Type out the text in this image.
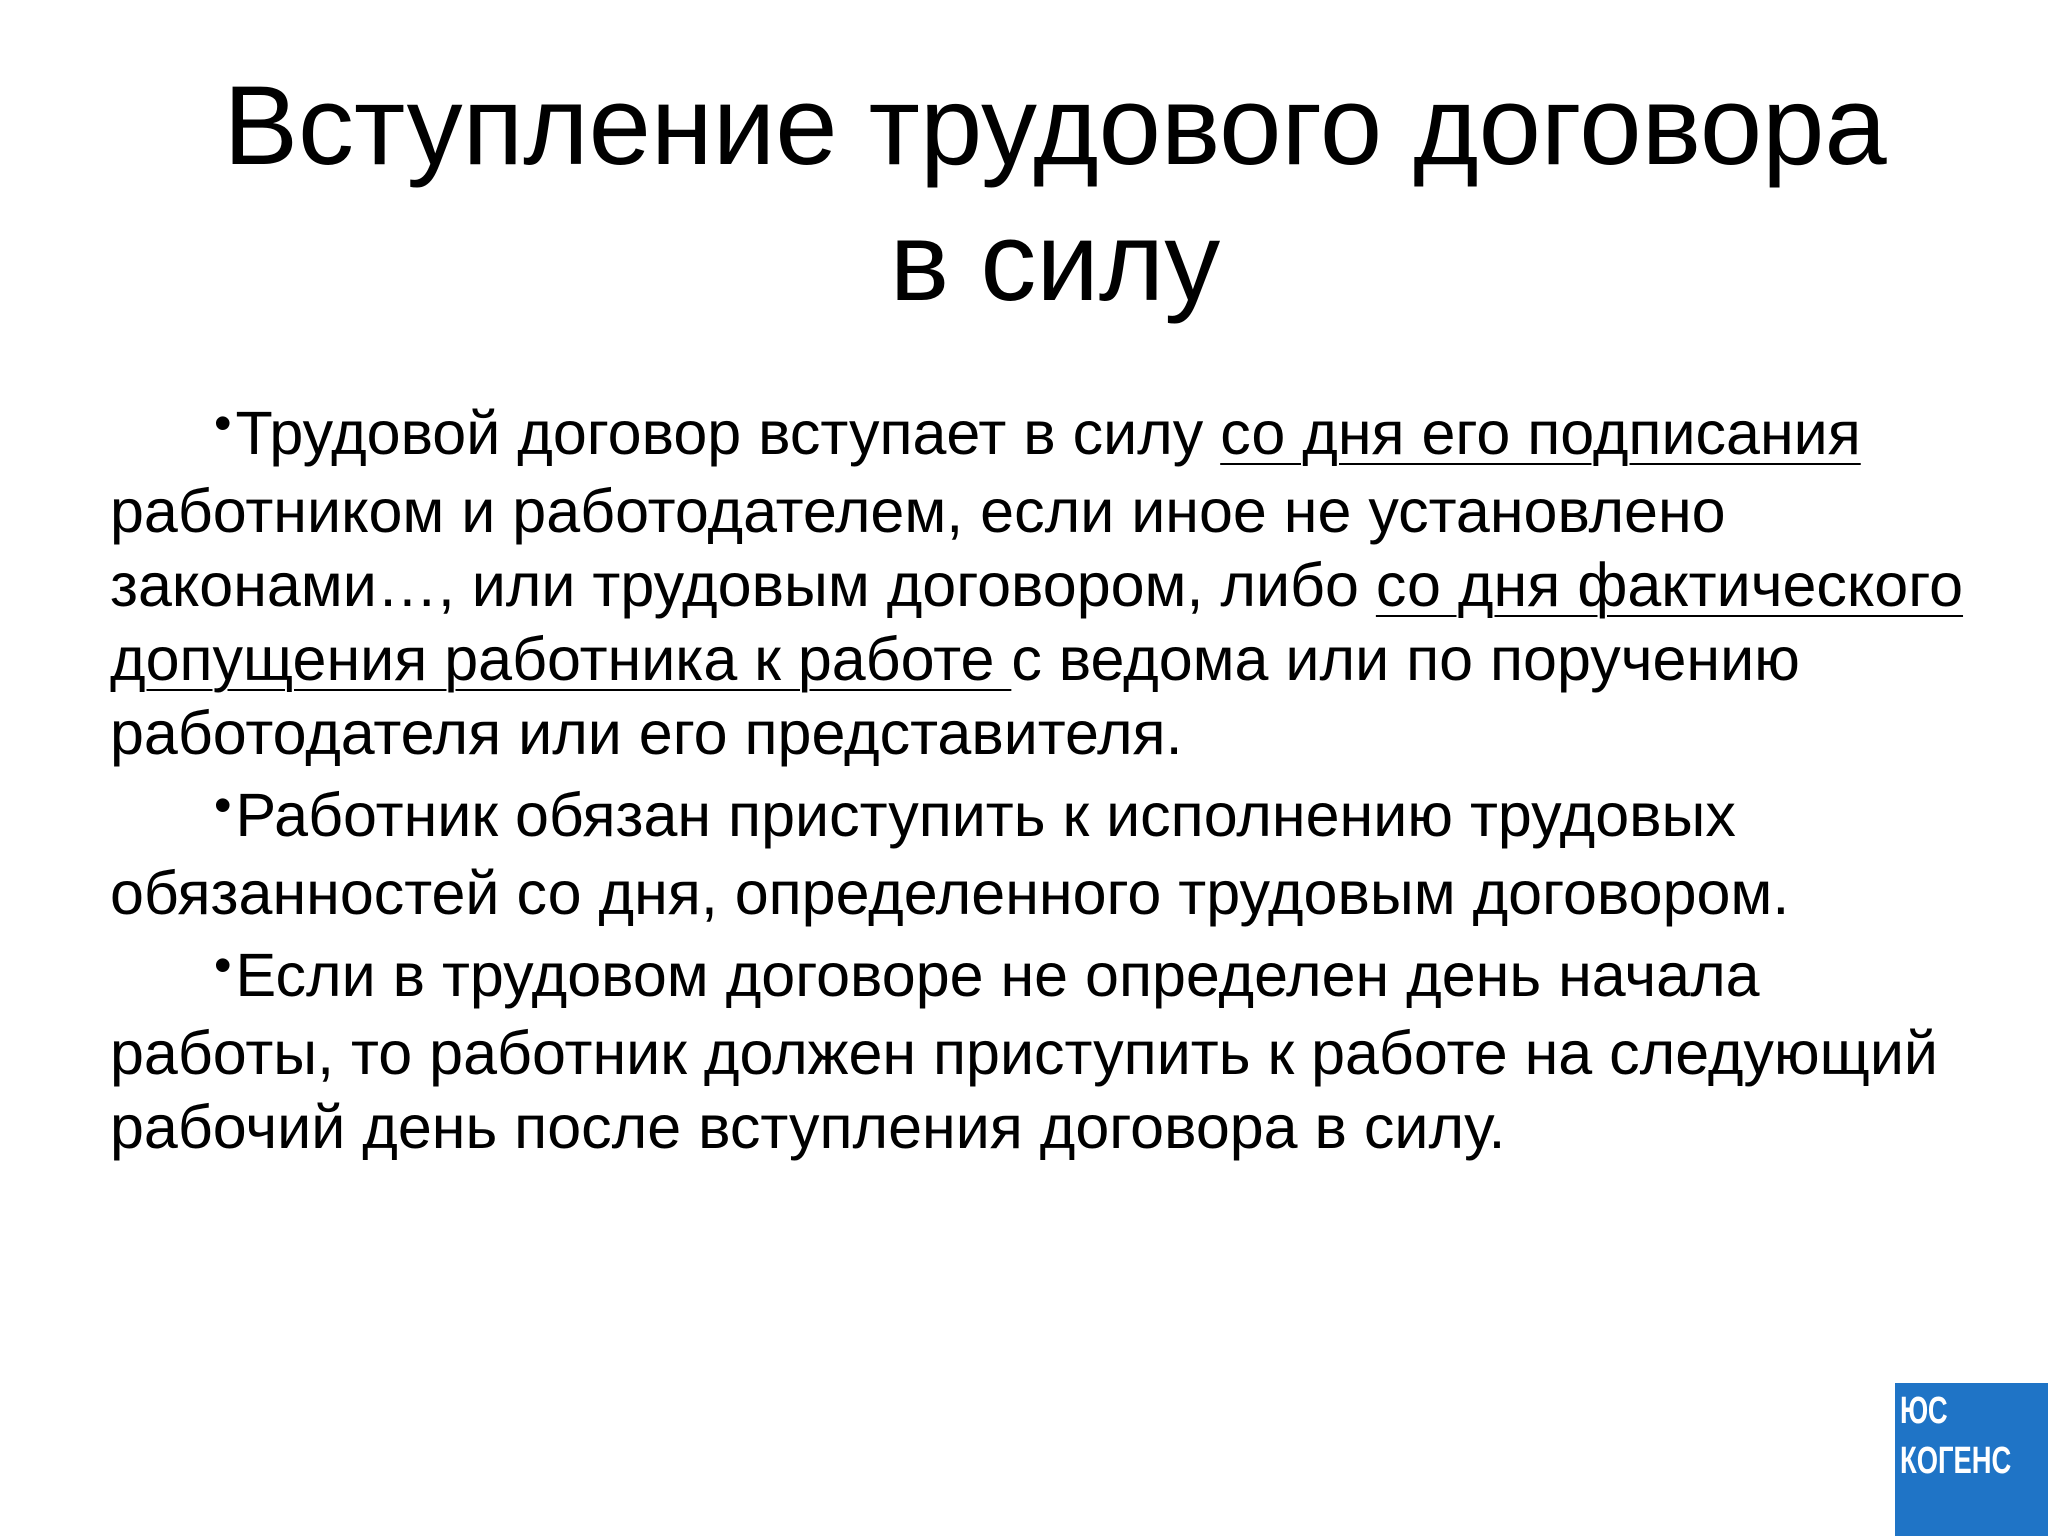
Вступление трудового договора
в силу

•Трудовой договор вступает в силу со дня его подписания работником и работодателем, если иное не установлено законами…, или трудовым договором, либо со дня фактического допущения работника к работе с ведома или по поручению работодателя или его представителя.

•Работник обязан приступить к исполнению трудовых обязанностей со дня, определенного трудовым договором.

•Если в трудовом договоре не определен день начала работы, то работник должен приступить к работе на следующий рабочий день после вступления договора в силу.

ЮС
КОГЕНС
